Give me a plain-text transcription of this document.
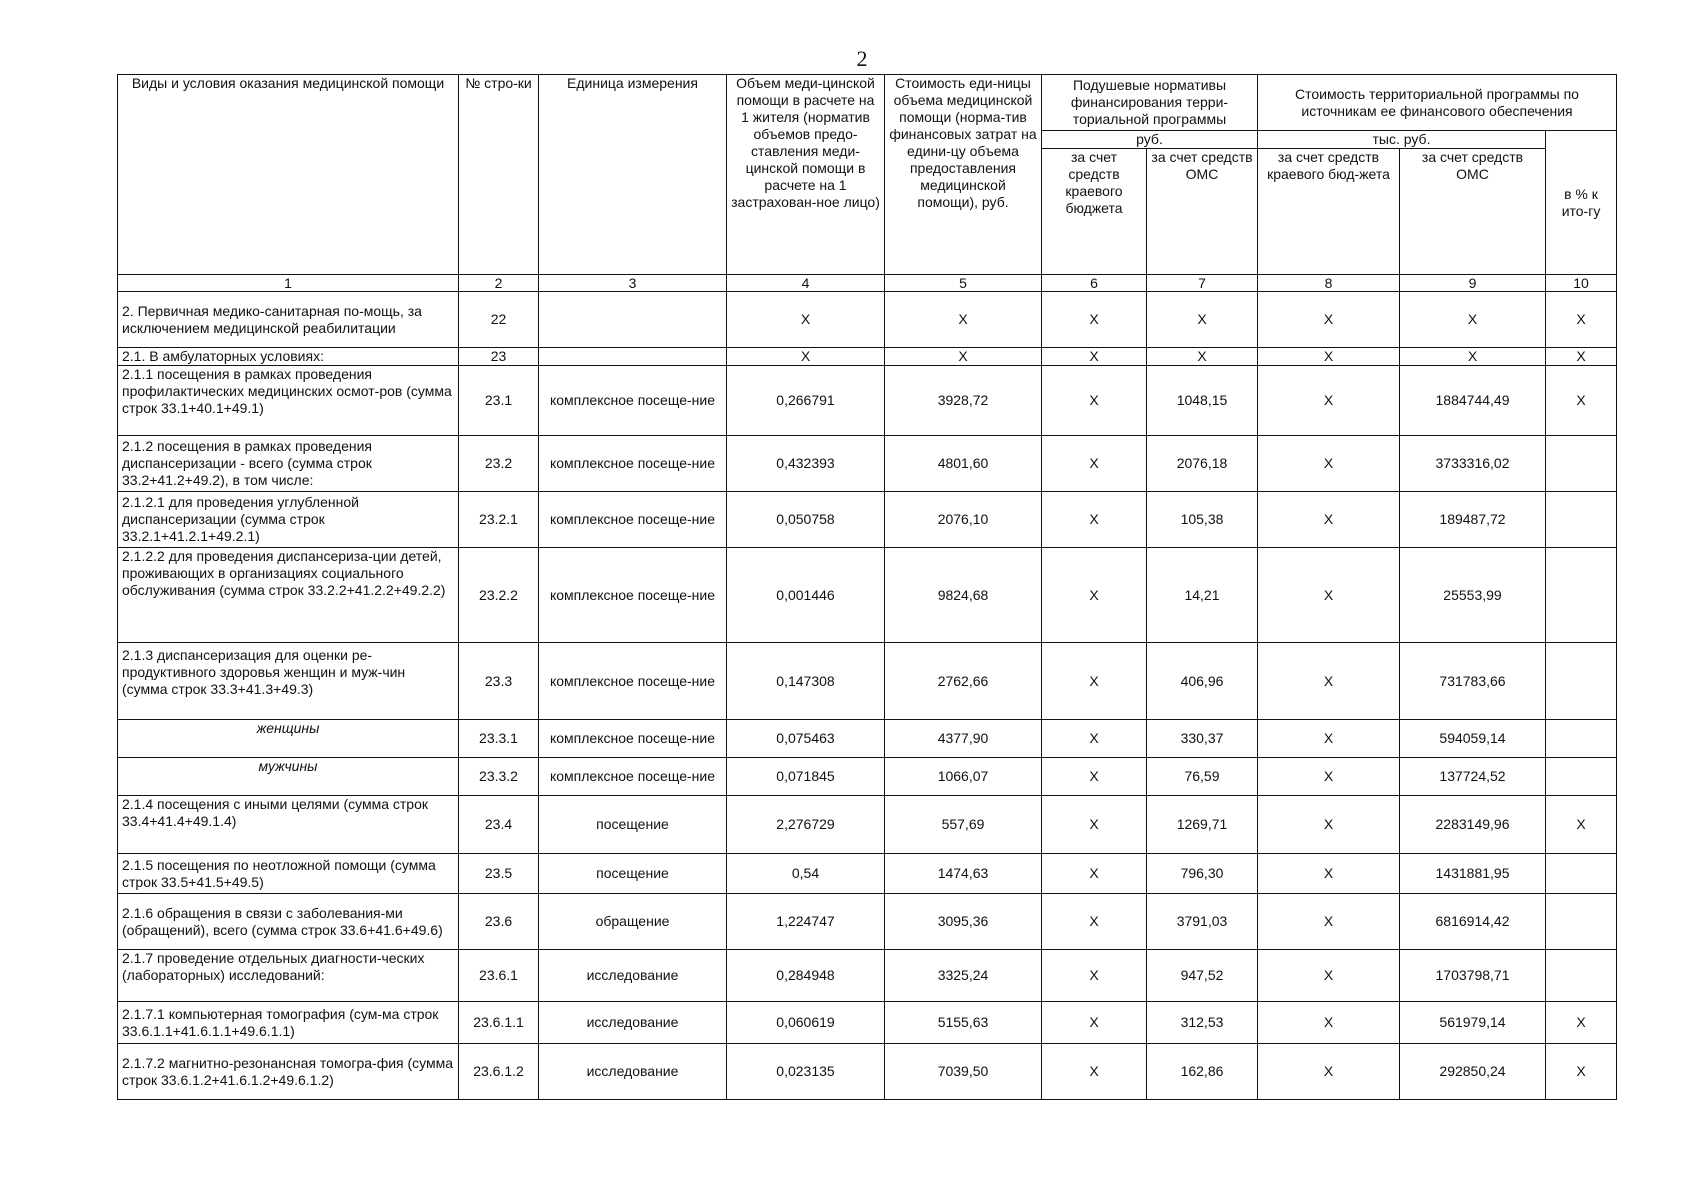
2
Виды и условия оказания медицинской помощи	№ стро-ки	Единица измерения	Объем меди-цинской помощи в расчете на 1 жителя (норматив объемов предо-ставления меди-цинской помощи в расчете на 1 застрахован-ное лицо)	Стоимость еди-ницы объема медицинской помощи (норма-тив финансовых затрат на едини-цу объема предоставления медицинской помощи), руб.	Подушевые нормативы финансирования терри-ториальной программы		Стоимость территориальной программы по источникам ее финансового обеспечения		
					руб.		тыс. руб.		в % к ито-гу
					за счет средств краевого бюджета	за счет средств ОМС	за счет средств краевого бюд-жета	за счет средств ОМС	
1	2	3	4	5	6	7	8	9	10
2. Первичная медико-санитарная по-мощь, за исключением медицинской реабилитации	22		X	X	X	X	X	X	X
2.1. В амбулаторных условиях:	23		X	X	X	X	X	X	X
2.1.1 посещения в рамках проведения профилактических медицинских осмот-ров (сумма строк 33.1+40.1+49.1)	23.1	комплексное посеще-ние	0,266791	3928,72	X	1048,15	X	1884744,49	X
2.1.2 посещения в рамках проведения диспансеризации - всего (сумма строк 33.2+41.2+49.2), в том числе:	23.2	комплексное посеще-ние	0,432393	4801,60	X	2076,18	X	3733316,02	
2.1.2.1 для проведения углубленной диспансеризации (сумма строк 33.2.1+41.2.1+49.2.1)	23.2.1	комплексное посеще-ние	0,050758	2076,10	X	105,38	X	189487,72	
2.1.2.2 для проведения диспансериза-ции детей, проживающих в организациях социального обслуживания (сумма строк 33.2.2+41.2.2+49.2.2)	23.2.2	комплексное посеще-ние	0,001446	9824,68	X	14,21	X	25553,99	
2.1.3 диспансеризация для оценки ре-продуктивного здоровья женщин и муж-чин (сумма строк 33.3+41.3+49.3)	23.3	комплексное посеще-ние	0,147308	2762,66	X	406,96	X	731783,66	
женщины	23.3.1	комплексное посеще-ние	0,075463	4377,90	X	330,37	X	594059,14	
мужчины	23.3.2	комплексное посеще-ние	0,071845	1066,07	X	76,59	X	137724,52	
2.1.4 посещения с иными целями (сумма строк 33.4+41.4+49.1.4)	23.4	посещение	2,276729	557,69	X	1269,71	X	2283149,96	X
2.1.5 посещения по неотложной помощи (сумма строк 33.5+41.5+49.5)	23.5	посещение	0,54	1474,63	X	796,30	X	1431881,95	
2.1.6 обращения в связи с заболевания-ми (обращений), всего (сумма строк 33.6+41.6+49.6)	23.6	обращение	1,224747	3095,36	X	3791,03	X	6816914,42	
2.1.7 проведение отдельных диагности-ческих (лабораторных) исследований:	23.6.1	исследование	0,284948	3325,24	X	947,52	X	1703798,71	
2.1.7.1 компьютерная томография (сум-ма строк 33.6.1.1+41.6.1.1+49.6.1.1)	23.6.1.1	исследование	0,060619	5155,63	X	312,53	X	561979,14	X
2.1.7.2 магнитно-резонансная томогра-фия (сумма строк 33.6.1.2+41.6.1.2+49.6.1.2)	23.6.1.2	исследование	0,023135	7039,50	X	162,86	X	292850,24	X
